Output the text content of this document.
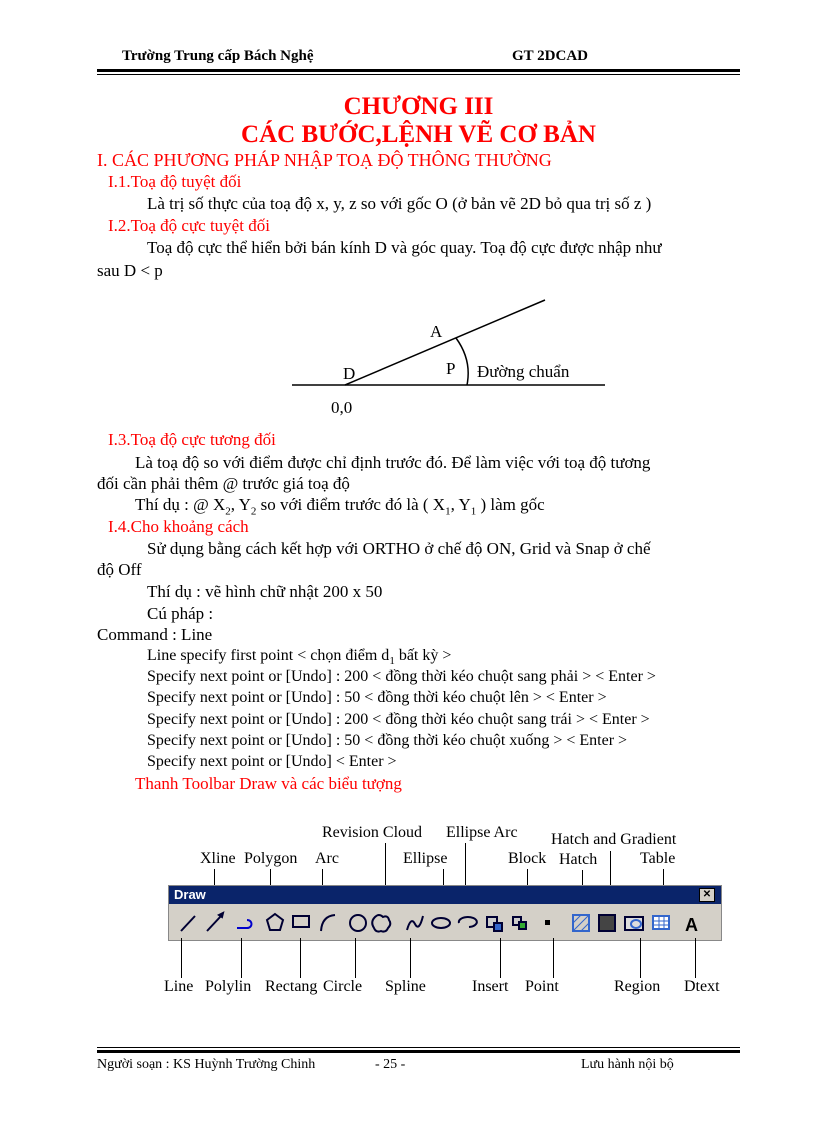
Trường Trung cấp Bách Nghệ	GT 2DCAD
CHƯƠNG III
CÁC BƯỚC,LỆNH VẼ CƠ BẢN
I. CÁC PHƯƠNG PHÁP NHẬP TOẠ ĐỘ THÔNG THƯỜNG
I.1.Toạ độ tuyệt đối
Là trị số thực của toạ độ x, y, z so với gốc O (ở bản vẽ 2D bỏ qua trị số z )
I.2.Toạ độ cực tuyệt đối
Toạ độ cực thể hiển bởi bán kính D và góc quay. Toạ độ cực được nhập như
sau D < p
A
D	P Đường chuẩn
0,0
I.3.Toạ độ cực tương đối
Là toạ độ so với điểm được chỉ định trước đó. Để làm việc với toạ độ tương
đối cần phải thêm @ trước giá toạ độ
Thí dụ : @ $X_2$, $Y_2$ so với điểm trước đó là ( $X_1$, $Y_1$ ) làm gốc
I.4.Cho khoảng cách
Sử dụng bằng cách kết hợp với ORTHO ở chế độ ON, Grid và Snap ở chế
độ Off
Thí dụ : vẽ hình chữ nhật 200 x 50
Cú pháp :
Command : Line
Line specify first point < chọn điểm $d_1$ bất kỳ >
Specify next point or [Undo] : 200 < đồng thời kéo chuột sang phải > < Enter >
Specify next point or [Undo] : 50 < đồng thời kéo chuột lên > < Enter >
Specify next point or [Undo] : 200 < đồng thời kéo chuột sang trái > < Enter >
Specify next point or [Undo] : 50 < đồng thời kéo chuột xuống > < Enter >
Specify next point or [Undo] < Enter >
Thanh Toolbar Draw và các biểu tượng
Revision Cloud Ellipse Arc Hatch and Gradient
Xline Polygon Arc	Ellipse	Block Hatch	Table
Draw	✕
A
Line Polylin Rectang Circle Spline	Insert Point	Region Dtext
Người soạn : KS Huỳnh Trường Chinh	- 25 -	Lưu hành nội bộ
